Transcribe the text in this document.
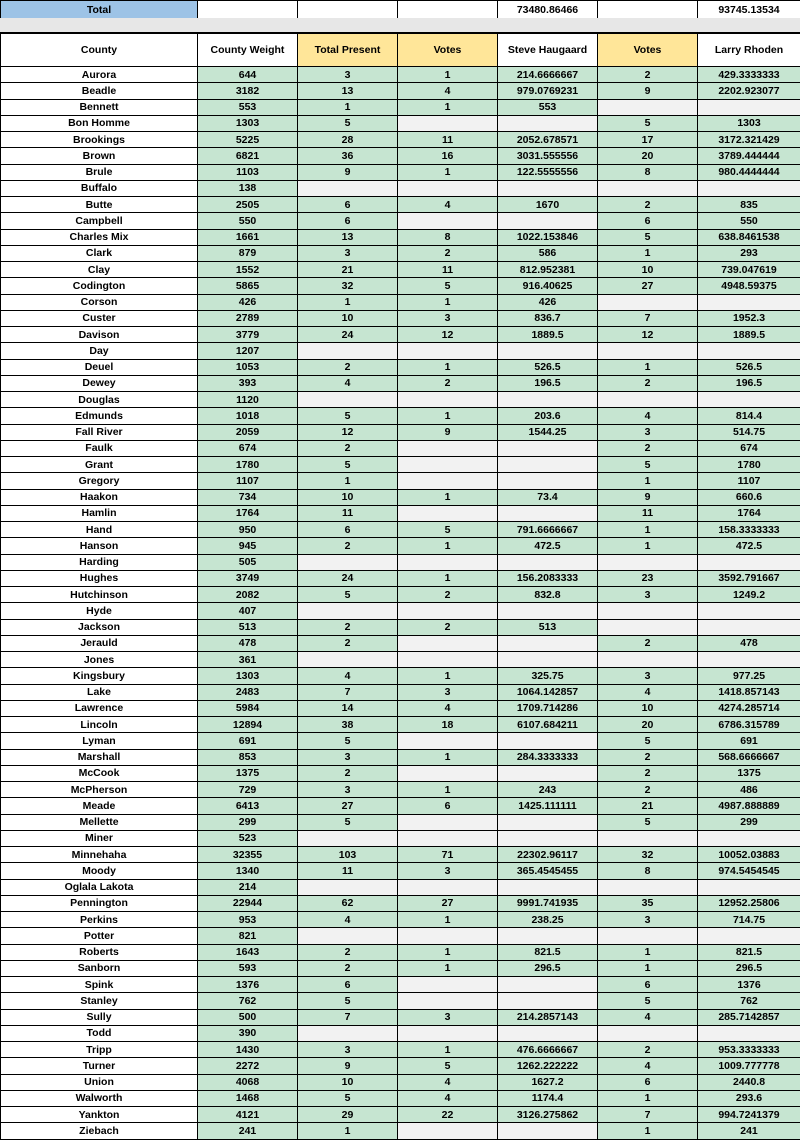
Total				73480.86466		93745.13534
County	County Weight	Total Present	Votes	Steve Haugaard	Votes	Larry Rhoden
Aurora	644	3	1	214.6666667	2	429.3333333
Beadle	3182	13	4	979.0769231	9	2202.923077
Bennett	553	1	1	553		
Bon Homme	1303	5			5	1303
Brookings	5225	28	11	2052.678571	17	3172.321429
Brown	6821	36	16	3031.555556	20	3789.444444
Brule	1103	9	1	122.5555556	8	980.4444444
Buffalo	138					
Butte	2505	6	4	1670	2	835
Campbell	550	6			6	550
Charles Mix	1661	13	8	1022.153846	5	638.8461538
Clark	879	3	2	586	1	293
Clay	1552	21	11	812.952381	10	739.047619
Codington	5865	32	5	916.40625	27	4948.59375
Corson	426	1	1	426		
Custer	2789	10	3	836.7	7	1952.3
Davison	3779	24	12	1889.5	12	1889.5
Day	1207					
Deuel	1053	2	1	526.5	1	526.5
Dewey	393	4	2	196.5	2	196.5
Douglas	1120					
Edmunds	1018	5	1	203.6	4	814.4
Fall River	2059	12	9	1544.25	3	514.75
Faulk	674	2			2	674
Grant	1780	5			5	1780
Gregory	1107	1			1	1107
Haakon	734	10	1	73.4	9	660.6
Hamlin	1764	11			11	1764
Hand	950	6	5	791.6666667	1	158.3333333
Hanson	945	2	1	472.5	1	472.5
Harding	505					
Hughes	3749	24	1	156.2083333	23	3592.791667
Hutchinson	2082	5	2	832.8	3	1249.2
Hyde	407					
Jackson	513	2	2	513		
Jerauld	478	2			2	478
Jones	361					
Kingsbury	1303	4	1	325.75	3	977.25
Lake	2483	7	3	1064.142857	4	1418.857143
Lawrence	5984	14	4	1709.714286	10	4274.285714
Lincoln	12894	38	18	6107.684211	20	6786.315789
Lyman	691	5			5	691
Marshall	853	3	1	284.3333333	2	568.6666667
McCook	1375	2			2	1375
McPherson	729	3	1	243	2	486
Meade	6413	27	6	1425.111111	21	4987.888889
Mellette	299	5			5	299
Miner	523					
Minnehaha	32355	103	71	22302.96117	32	10052.03883
Moody	1340	11	3	365.4545455	8	974.5454545
Oglala Lakota	214					
Pennington	22944	62	27	9991.741935	35	12952.25806
Perkins	953	4	1	238.25	3	714.75
Potter	821					
Roberts	1643	2	1	821.5	1	821.5
Sanborn	593	2	1	296.5	1	296.5
Spink	1376	6			6	1376
Stanley	762	5			5	762
Sully	500	7	3	214.2857143	4	285.7142857
Todd	390					
Tripp	1430	3	1	476.6666667	2	953.3333333
Turner	2272	9	5	1262.222222	4	1009.777778
Union	4068	10	4	1627.2	6	2440.8
Walworth	1468	5	4	1174.4	1	293.6
Yankton	4121	29	22	3126.275862	7	994.7241379
Ziebach	241	1			1	241
